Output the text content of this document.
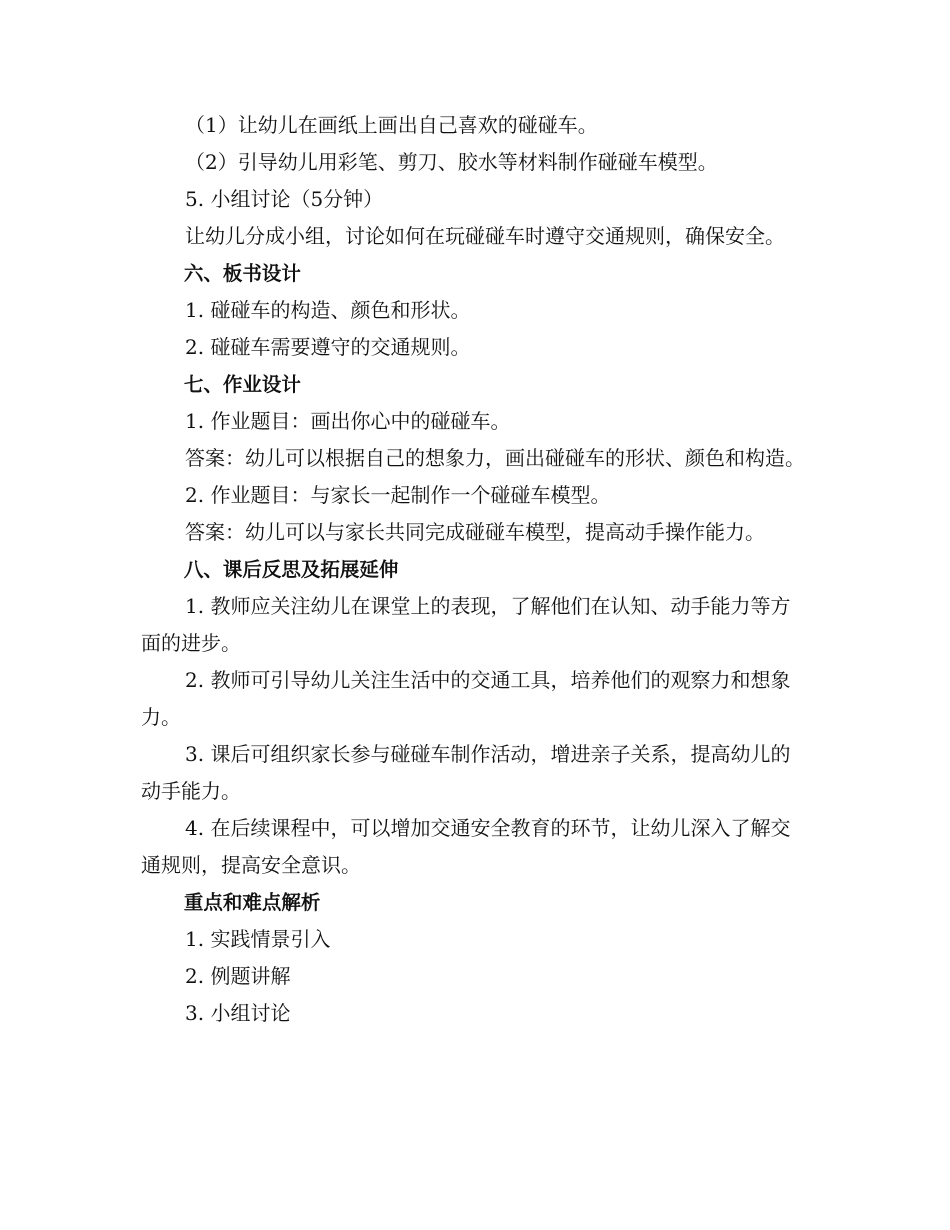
（1）让幼儿在画纸上画出自己喜欢的碰碰车。

（2）引导幼儿用彩笔、剪刀、胶水等材料制作碰碰车模型。

5. 小组讨论（5分钟）

让幼儿分成小组，讨论如何在玩碰碰车时遵守交通规则，确保安全。

六、板书设计

1. 碰碰车的构造、颜色和形状。

2. 碰碰车需要遵守的交通规则。

七、作业设计

1. 作业题目：画出你心中的碰碰车。

答案：幼儿可以根据自己的想象力，画出碰碰车的形状、颜色和构造。

2. 作业题目：与家长一起制作一个碰碰车模型。

答案：幼儿可以与家长共同完成碰碰车模型，提高动手操作能力。

八、课后反思及拓展延伸

1. 教师应关注幼儿在课堂上的表现，了解他们在认知、动手能力等方面的进步。

2. 教师可引导幼儿关注生活中的交通工具，培养他们的观察力和想象力。

3. 课后可组织家长参与碰碰车制作活动，增进亲子关系，提高幼儿的动手能力。

4. 在后续课程中，可以增加交通安全教育的环节，让幼儿深入了解交通规则，提高安全意识。

重点和难点解析

1. 实践情景引入

2. 例题讲解

3. 小组讨论
